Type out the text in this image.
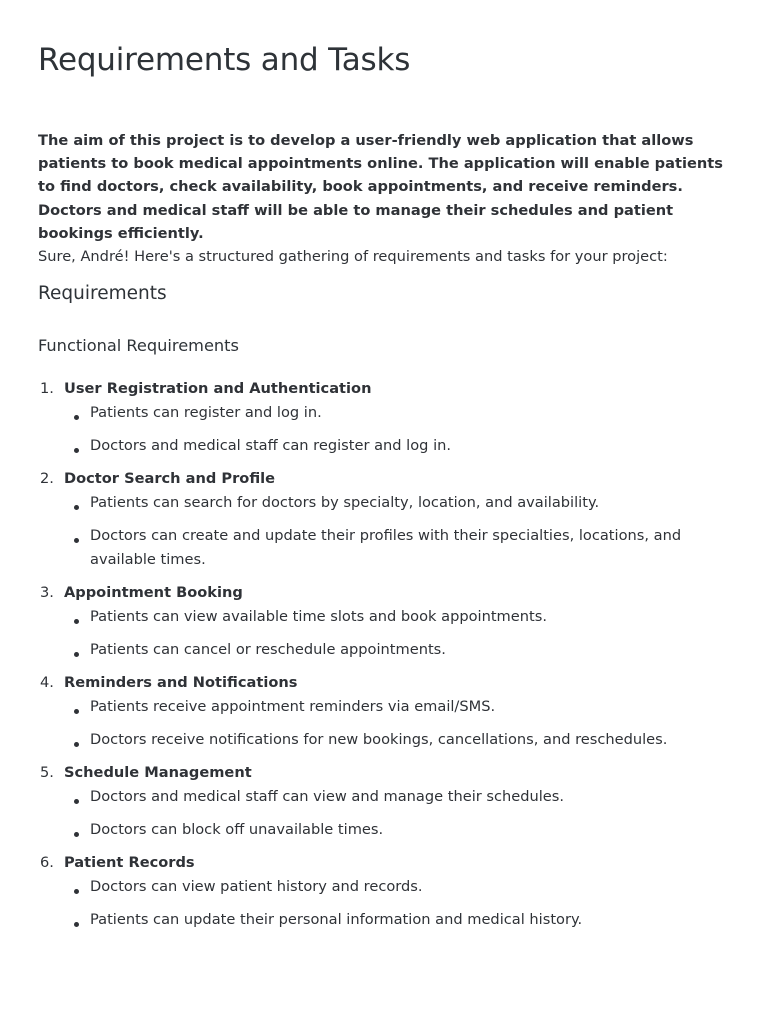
Requirements and Tasks

The aim of this project is to develop a user-friendly web application that allows patients to book medical appointments online. The application will enable patients to find doctors, check availability, book appointments, and receive reminders. Doctors and medical staff will be able to manage their schedules and patient bookings efficiently.

Sure, André! Here's a structured gathering of requirements and tasks for your project:

Requirements
Functional Requirements
1. User Registration and Authentication
Patients can register and log in.
Doctors and medical staff can register and log in.
2. Doctor Search and Profile
Patients can search for doctors by specialty, location, and availability.
Doctors can create and update their profiles with their specialties, locations, and available times.
3. Appointment Booking
Patients can view available time slots and book appointments.
Patients can cancel or reschedule appointments.
4. Reminders and Notifications
Patients receive appointment reminders via email/SMS.
Doctors receive notifications for new bookings, cancellations, and reschedules.
5. Schedule Management
Doctors and medical staff can view and manage their schedules.
Doctors can block off unavailable times.
6. Patient Records
Doctors can view patient history and records.
Patients can update their personal information and medical history.
